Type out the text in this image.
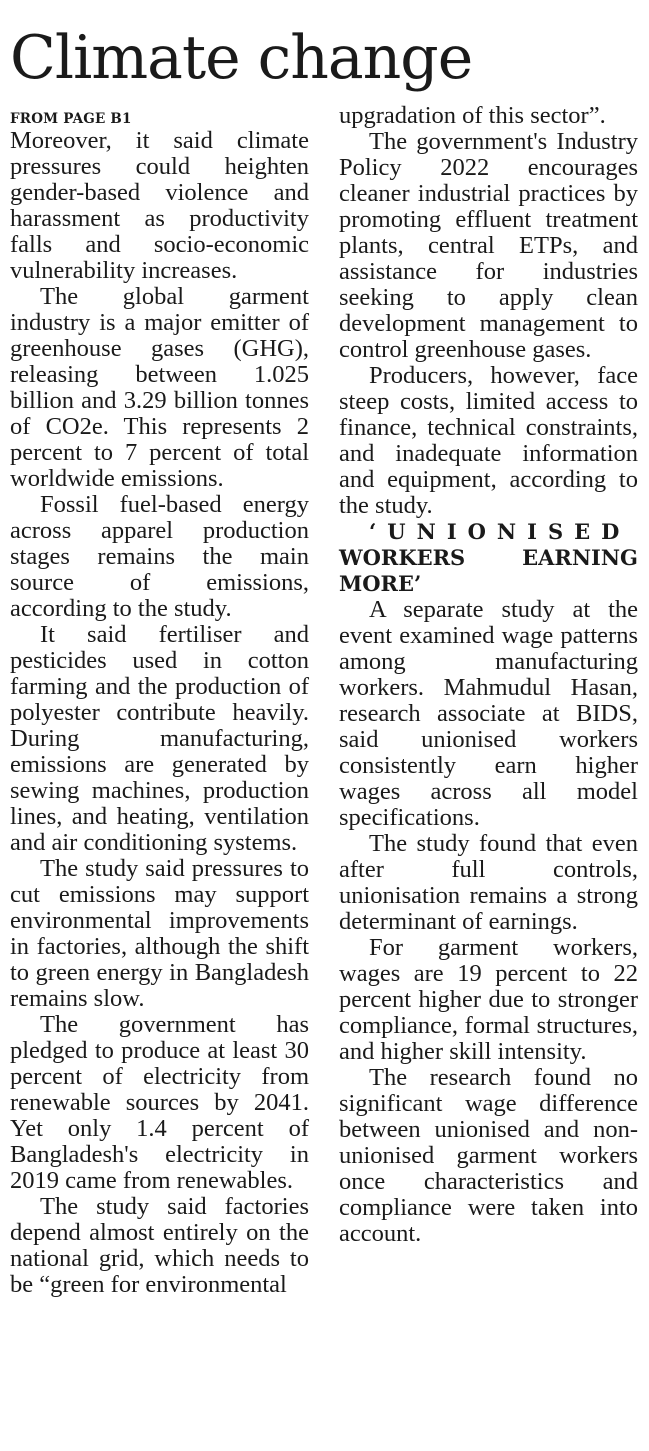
Climate change
FROM PAGE B1

Moreover, it said climate pressures could heighten gender-based violence and harassment as productivity falls and socio-economic vulnerability increases.

The global garment industry is a major emitter of greenhouse gases (GHG), releasing between 1.025 billion and 3.29 billion tonnes of CO2e. This represents 2 percent to 7 percent of total worldwide emissions.

Fossil fuel-based energy across apparel production stages remains the main source of emissions, according to the study.

It said fertiliser and pesticides used in cotton farming and the production of polyester contribute heavily. During manufacturing, emissions are generated by sewing machines, production lines, and heating, ventilation and air conditioning systems.

The study said pressures to cut emissions may support environmental improvements in factories, although the shift to green energy in Bangladesh remains slow.

The government has pledged to produce at least 30 percent of electricity from renewable sources by 2041. Yet only 1.4 percent of Bangladesh's electricity in 2019 came from renewables.

The study said factories depend almost entirely on the national grid, which needs to be “green for environmental

upgradation of this sector”.

The government's Industry Policy 2022 encourages cleaner industrial practices by promoting effluent treatment plants, central ETPs, and assistance for industries seeking to apply clean development management to control greenhouse gases.

Producers, however, face steep costs, limited access to finance, technical constraints, and inadequate information and equipment, according to the study.

‘UNIONISED
WORKERS EARNING MORE’

A separate study at the event examined wage patterns among manufacturing workers. Mahmudul Hasan, research associate at BIDS, said unionised workers consistently earn higher wages across all model specifications.

The study found that even after full controls, unionisation remains a strong determinant of earnings.

For garment workers, wages are 19 percent to 22 percent higher due to stronger compliance, formal structures, and higher skill intensity.

The research found no significant wage difference between unionised and non-unionised garment workers once characteristics and compliance were taken into account.
